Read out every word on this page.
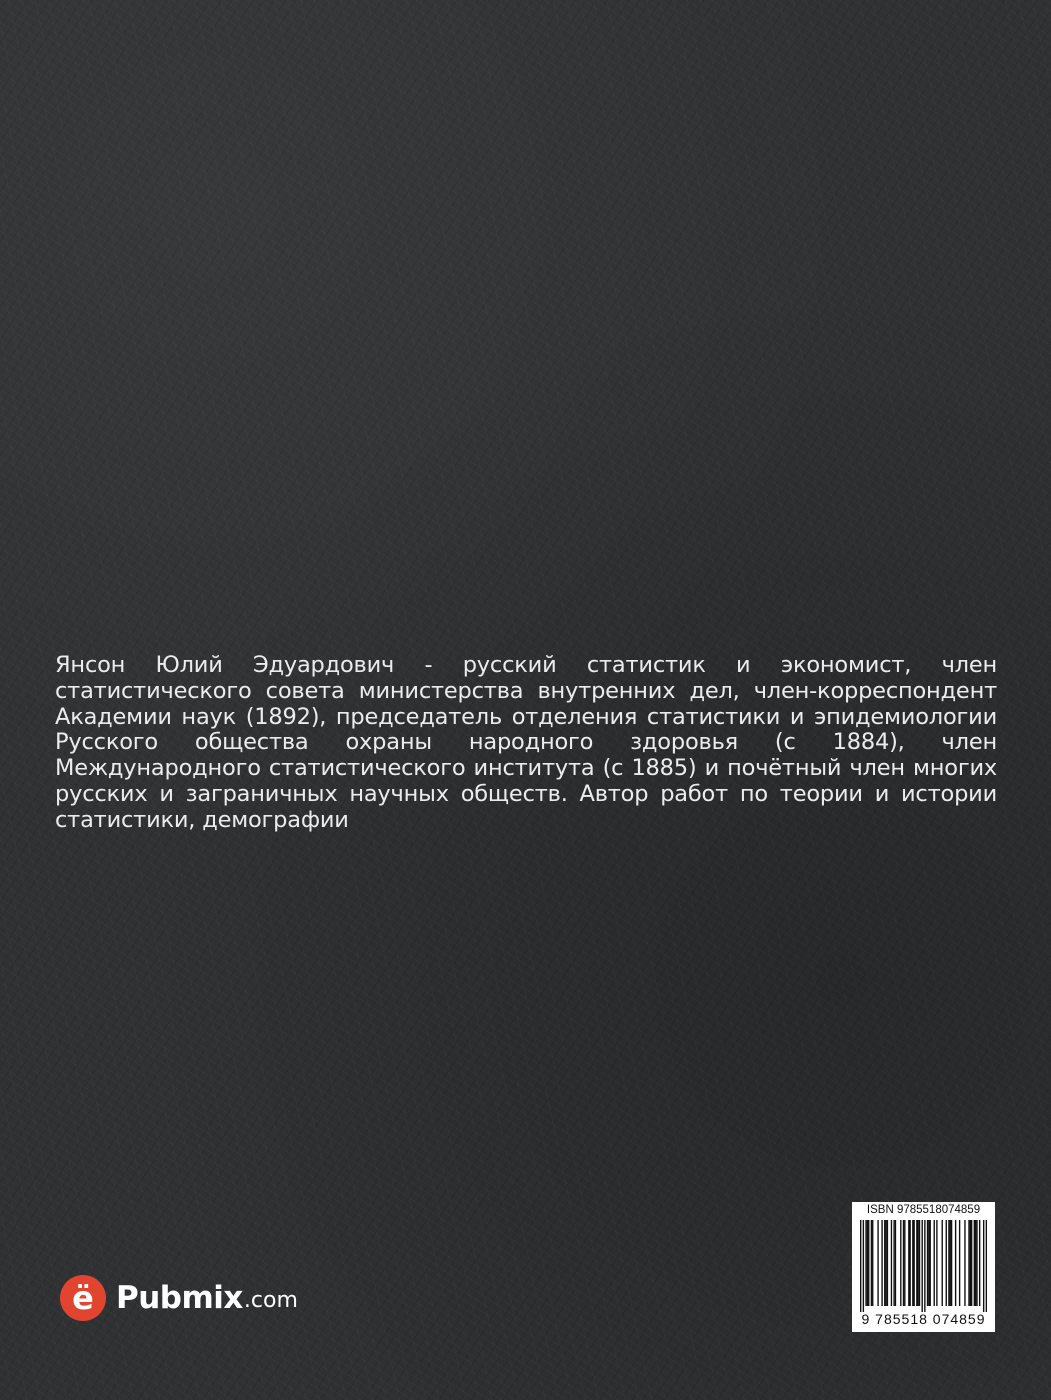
Янсон Юлий Эдуардович - русский статистик и экономист, член статистического совета министерства внутренних дел, член-корреспондент Академии наук (1892), председатель отделения статистики и эпидемиологии Русского общества охраны народного здоровья (с 1884), член Международного статистического института (с 1885) и почётный член многих русских и заграничных научных обществ. Автор работ по теории и истории статистики, демографии

ё Pubmix .com
ISBN 9785518074859
9 785518 074859
